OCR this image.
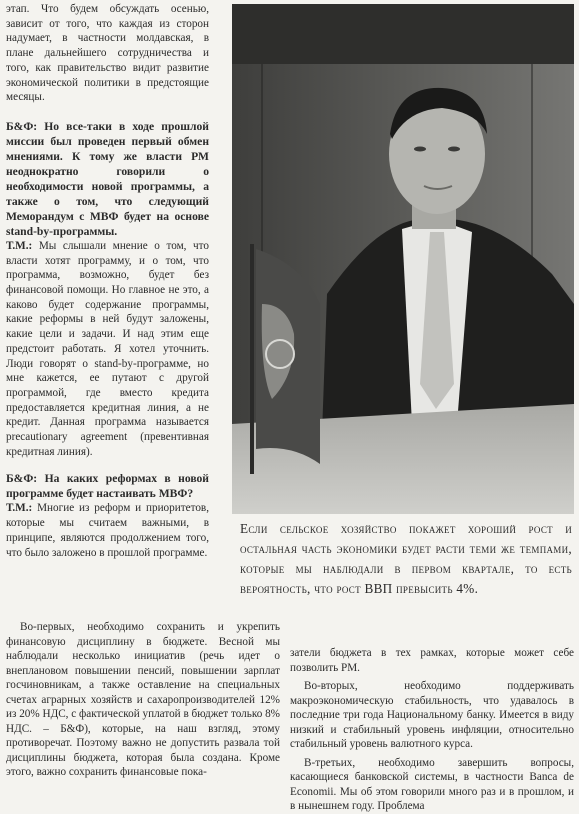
этап. Что будем обсуждать осенью, зависит от того, что каждая из сторон надумает, в частности молдавская, в плане дальнейшего сотрудничества и того, как правительство видит развитие экономической политики в предстоящие месяцы.

Б&Ф: Но все-таки в ходе прошлой миссии был проведен первый обмен мнениями. К тому же власти РМ неоднократно говорили о необходимости новой программы, а также о том, что следующий Меморандум с МВФ будет на основе stand-by-программы.

Т.М.: Мы слышали мнение о том, что власти хотят программу, и о том, что программа, возможно, будет без финансовой помощи. Но главное не это, а каково будет содержание программы, какие реформы в ней будут заложены, какие цели и задачи. И над этим еще предстоит работать. Я хотел уточнить. Люди говорят о stand-by-программе, но мне кажется, ее путают с другой программой, где вместо кредита предоставляется кредитная линия, а не кредит. Данная программа называется precautionary agreement (превентивная кредитная линия).

Б&Ф: На каких реформах в новой программе будет настаивать МВФ?

Т.М.: Многие из реформ и приоритетов, которые мы считаем важными, в принципе, являются продолжением того, что было заложено в прошлой программе.

Если сельское хозяйство покажет хороший рост и остальная часть экономики будет расти теми же темпами, которые мы наблюдали в первом квартале, то есть вероятность, что рост ВВП превысить 4%.

Во-первых, необходимо сохранить и укрепить финансовую дисциплину в бюджете. Весной мы наблюдали несколько инициатив (речь идет о внеплановом повышении пенсий, повышении зарплат госчиновникам, а также оставление на специальных счетах аграрных хозяйств и сахаропроизводителей 12% из 20% НДС, с фактической уплатой в бюджет только 8% НДС. – Б&Ф), которые, на наш взгляд, этому противоречат. Поэтому важно не допустить развала той дисциплины бюджета, которая была создана. Кроме этого, важно сохранить финансовые пока-

затели бюджета в тех рамках, которые может себе позволить РМ.

Во-вторых, необходимо поддерживать макроэкономическую стабильность, что удавалось в последние три года Национальному банку. Имеется в виду низкий и стабильный уровень инфляции, относительно стабильный уровень валютного курса.

В-третьих, необходимо завершить вопросы, касающиеся банковской системы, в частности Banca de Economii. Мы об этом говорили много раз и в прошлом, и в нынешнем году. Проблема
